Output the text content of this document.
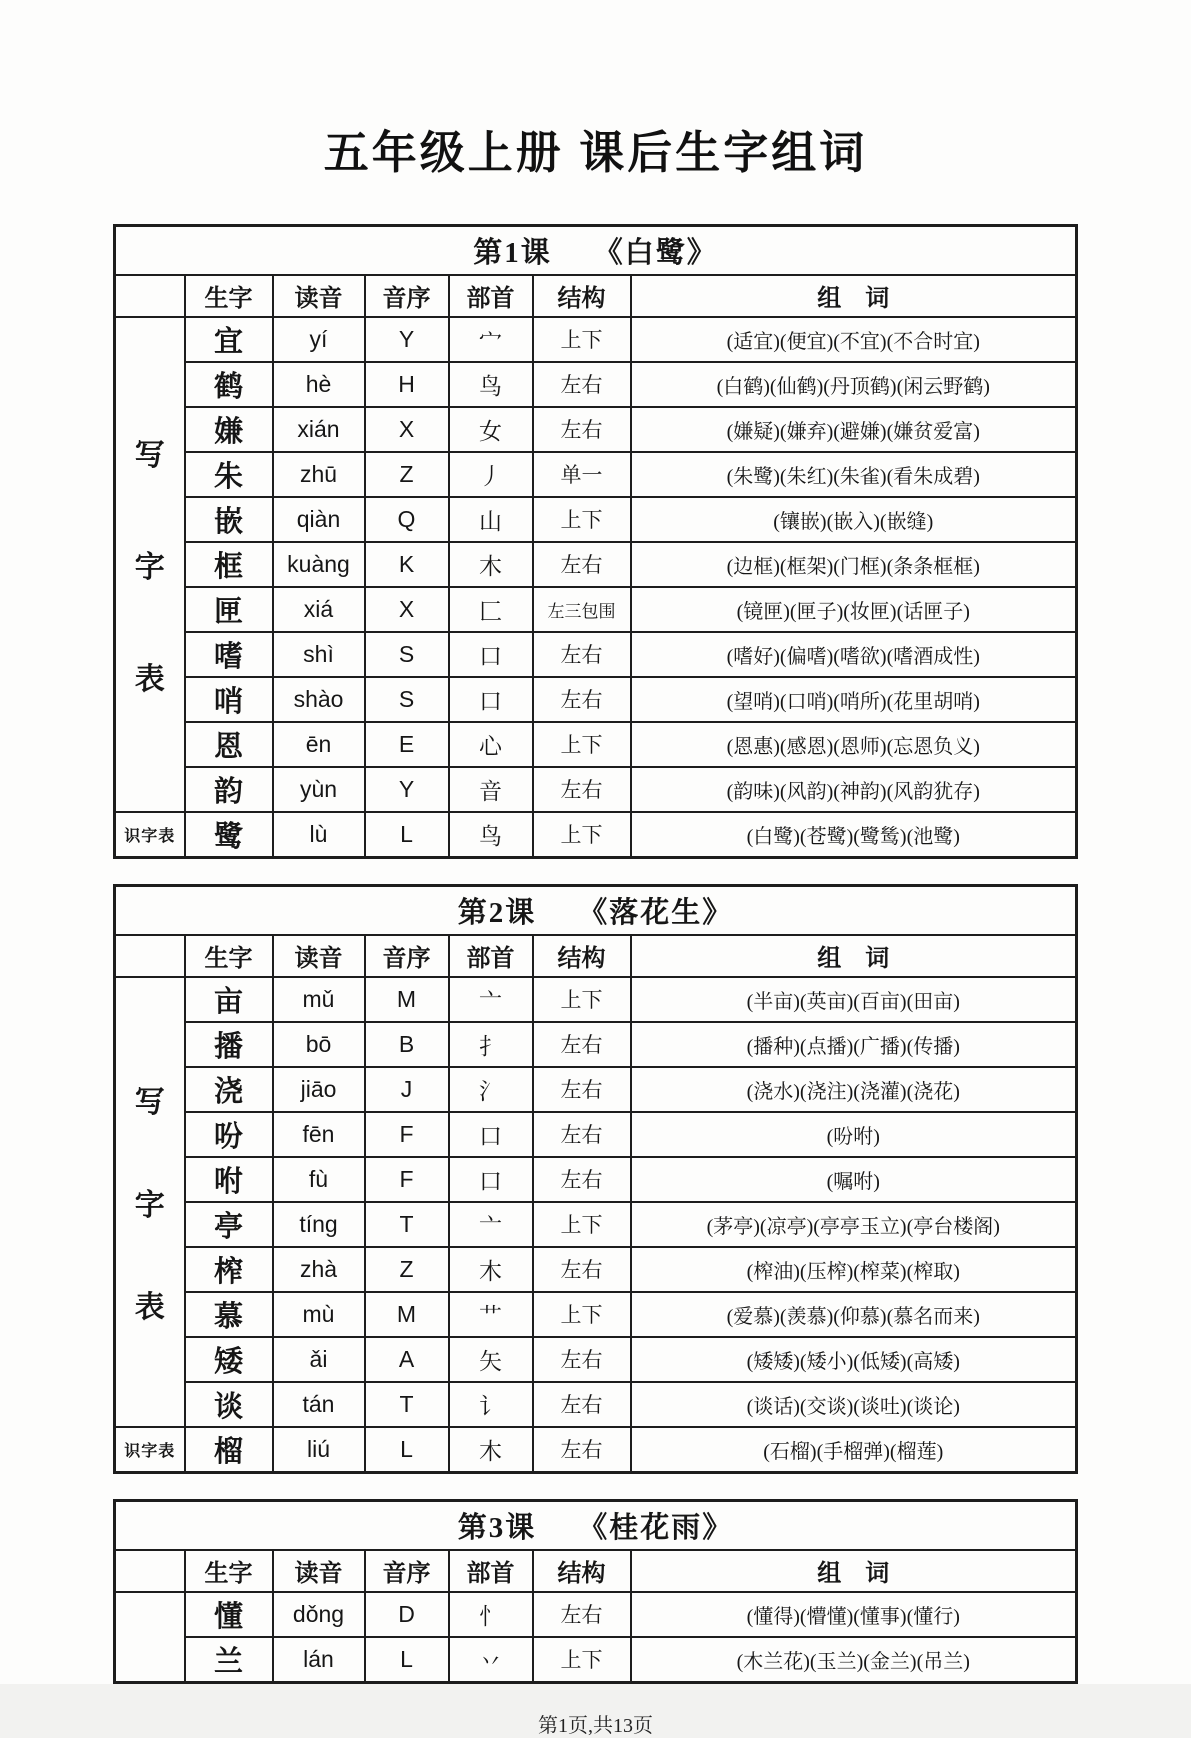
五年级上册 课后生字组词
第1课 《白鹭》						
	生字	读音	音序	部首	结构	组　词

写
字
表	宜	yí	Y	宀	上下	(适宜)(便宜)(不宜)(不合时宜)
	鹤	hè	H	鸟	左右	(白鹤)(仙鹤)(丹顶鹤)(闲云野鹤)
	嫌	xián	X	女	左右	(嫌疑)(嫌弃)(避嫌)(嫌贫爱富)
	朱	zhū	Z	丿	单一	(朱鹭)(朱红)(朱雀)(看朱成碧)
	嵌	qiàn	Q	山	上下	(镶嵌)(嵌入)(嵌缝)
	框	kuàng	K	木	左右	(边框)(框架)(门框)(条条框框)
	匣	xiá	X	匚	左三包围	(镜匣)(匣子)(妆匣)(话匣子)
	嗜	shì	S	口	左右	(嗜好)(偏嗜)(嗜欲)(嗜酒成性)
	哨	shào	S	口	左右	(望哨)(口哨)(哨所)(花里胡哨)
	恩	ēn	E	心	上下	(恩惠)(感恩)(恩师)(忘恩负义)
	韵	yùn	Y	音	左右	(韵味)(风韵)(神韵)(风韵犹存)
识字表	鹭	lù	L	鸟	上下	(白鹭)(苍鹭)(鹭鸶)(池鹭)
第2课 《落花生》						
	生字	读音	音序	部首	结构	组　词

写
字
表	亩	mǔ	M	亠	上下	(半亩)(英亩)(百亩)(田亩)
	播	bō	B	扌	左右	(播种)(点播)(广播)(传播)
	浇	jiāo	J	氵	左右	(浇水)(浇注)(浇灌)(浇花)
	吩	fēn	F	口	左右	(吩咐)
	咐	fù	F	口	左右	(嘱咐)
	亭	tíng	T	亠	上下	(茅亭)(凉亭)(亭亭玉立)(亭台楼阁)
	榨	zhà	Z	木	左右	(榨油)(压榨)(榨菜)(榨取)
	慕	mù	M	艹	上下	(爱慕)(羡慕)(仰慕)(慕名而来)
	矮	ǎi	A	矢	左右	(矮矮)(矮小)(低矮)(高矮)
	谈	tán	T	讠	左右	(谈话)(交谈)(谈吐)(谈论)
识字表	榴	liú	L	木	左右	(石榴)(手榴弹)(榴莲)
第3课 《桂花雨》						
	生字	读音	音序	部首	结构	组　词
	懂	dǒng	D	忄	左右	(懂得)(懵懂)(懂事)(懂行)
	兰	lán	L	丷	上下	(木兰花)(玉兰)(金兰)(吊兰)
第1页,共13页
